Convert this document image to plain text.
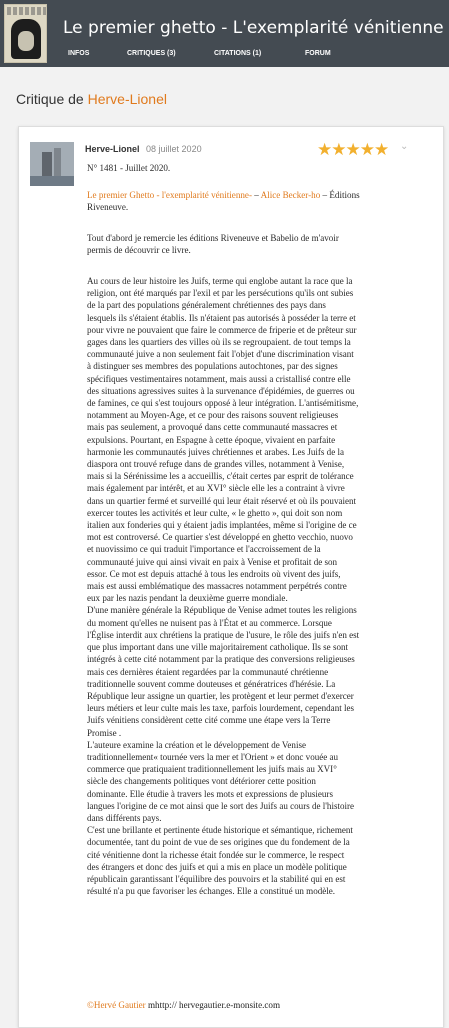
Le premier ghetto - L'exemplarité vénitienne
INFOS	CRITIQUES (3)	CITATIONS (1)	FORUM
Critique de Herve-Lionel
Herve-Lionel 08 juillet 2020	★★★★★ ⌄
N° 1481 - Juillet 2020.
Le premier Ghetto - l'exemplarité vénitienne- – Alice Becker-ho – Éditions
Riveneuve.

Tout d'abord je remercie les éditions Riveneuve et Babelio de m'avoir
permis de découvrir ce livre.

Au cours de leur histoire les Juifs, terme qui englobe autant la race que la
religion, ont été marqués par l'exil et par les persécutions qu'ils ont subies
de la part des populations généralement chrétiennes des pays dans
lesquels ils s'étaient établis. Ils n'étaient pas autorisés à posséder la terre et
pour vivre ne pouvaient que faire le commerce de friperie et de prêteur sur
gages dans les quartiers des villes où ils se regroupaient. de tout temps la
communauté juive a non seulement fait l'objet d'une discrimination visant
à distinguer ses membres des populations autochtones, par des signes
spécifiques vestimentaires notamment, mais aussi a cristallisé contre elle
des situations agressives suites à la survenance d'épidémies, de guerres ou
de famines, ce qui s'est toujours opposé à leur intégration. L'antisémitisme,
notamment au Moyen-Age, et ce pour des raisons souvent religieuses
mais pas seulement, a provoqué dans cette communauté massacres et
expulsions. Pourtant, en Espagne à cette époque, vivaient en parfaite
harmonie les communautés juives chrétiennes et arabes. Les Juifs de la
diaspora ont trouvé refuge dans de grandes villes, notamment à Venise,
mais si la Sérénissime les a accueillis, c'était certes par esprit de tolérance
mais également par intérêt, et au XVI° siècle elle les a contraint à vivre
dans un quartier fermé et surveillé qui leur était réservé et où ils pouvaient
exercer toutes les activités et leur culte, « le ghetto », qui doit son nom
italien aux fonderies qui y étaient jadis implantées, même si l'origine de ce
mot est controversé. Ce quartier s'est développé en ghetto vecchio, nuovo
et nuovissimo ce qui traduit l'importance et l'accroissement de la
communauté juive qui ainsi vivait en paix à Venise et profitait de son
essor. Ce mot est depuis attaché à tous les endroits où vivent des juifs,
mais est aussi emblématique des massacres notamment perpétrés contre
eux par les nazis pendant la deuxième guerre mondiale.
D'une manière générale la République de Venise admet toutes les religions
du moment qu'elles ne nuisent pas à l'État et au commerce. Lorsque
l'Église interdit aux chrétiens la pratique de l'usure, le rôle des juifs n'en est
que plus important dans une ville majoritairement catholique. Ils se sont
intégrés à cette cité notamment par la pratique des conversions religieuses
mais ces dernières étaient regardées par la communauté chrétienne
traditionnelle souvent comme douteuses et génératrices d'hérésie. La
République leur assigne un quartier, les protègent et leur permet d'exercer
leurs métiers et leur culte mais les taxe, parfois lourdement, cependant les
Juifs vénitiens considèrent cette cité comme une étape vers la Terre
Promise .
L'auteure examine la création et le développement de Venise
traditionnellement« tournée vers la mer et l'Orient » et donc vouée au
commerce que pratiquaient traditionnellement les juifs mais au XVI°
siècle des changements politiques vont détériorer cette position
dominante. Elle étudie à travers les mots et expressions de plusieurs
langues l'origine de ce mot ainsi que le sort des Juifs au cours de l'histoire
dans différents pays.
C'est une brillante et pertinente étude historique et sémantique, richement
documentée, tant du point de vue de ses origines que du fondement de la
cité vénitienne dont la richesse était fondée sur le commerce, le respect
des étrangers et donc des juifs et qui a mis en place un modèle politique
républicain garantissant l'équilibre des pouvoirs et la stabilité qui en est
résulté n'a pu que favoriser les échanges. Elle a constitué un modèle.

©Hervé Gautier mhttp:// hervegautier.e-monsite.com
